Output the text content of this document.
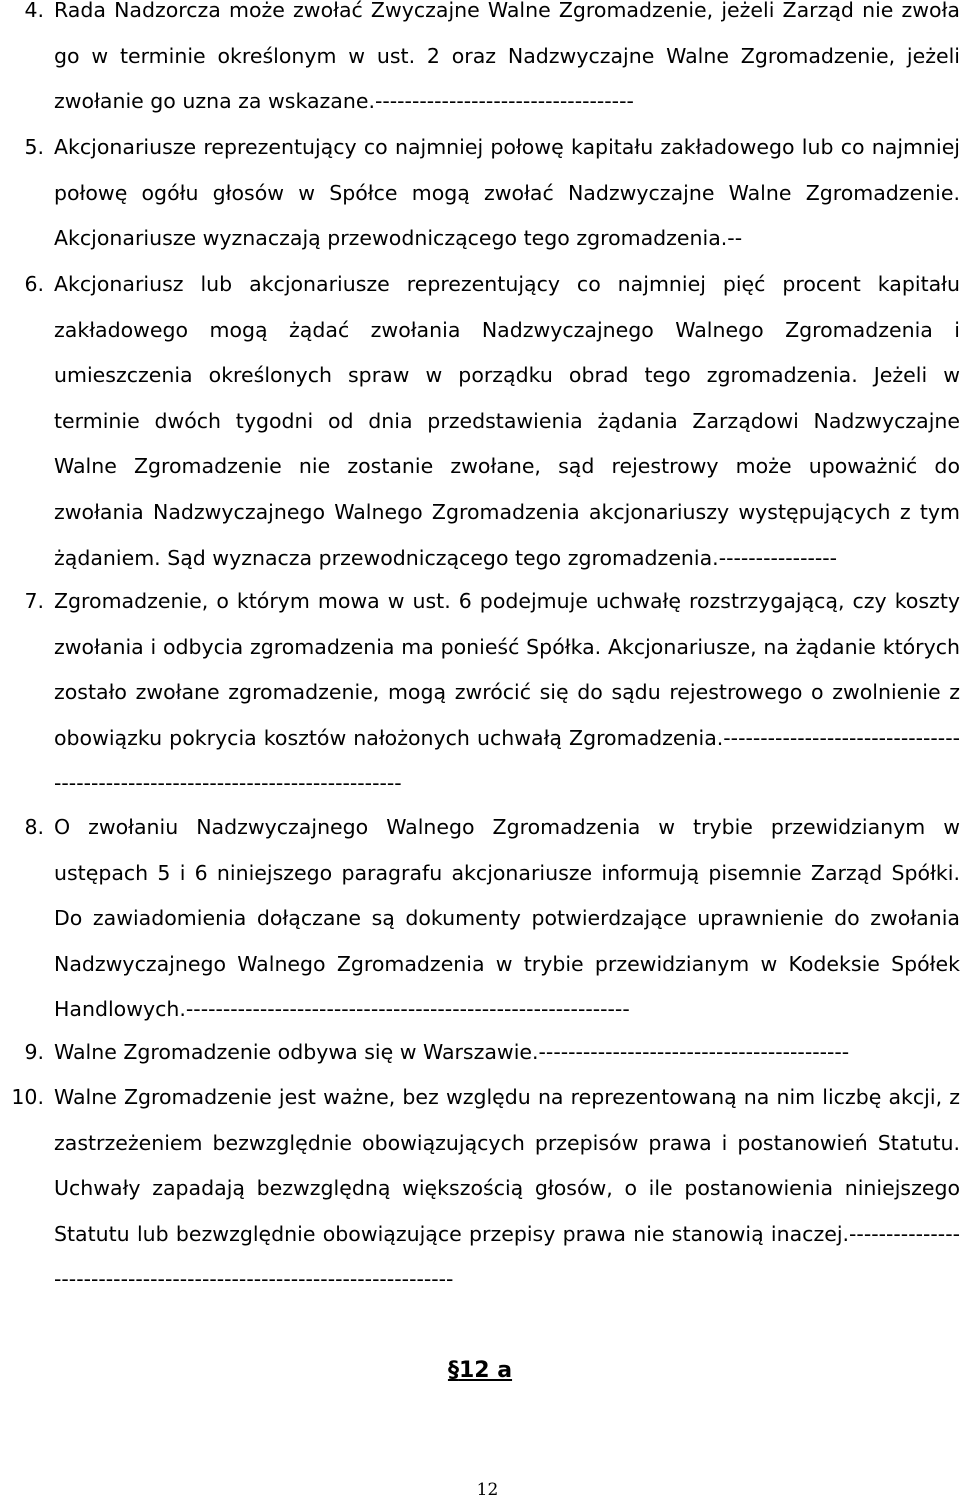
4. Rada Nadzorcza może zwołać Zwyczajne Walne Zgromadzenie, jeżeli Zarząd nie zwoła go w terminie określonym w ust. 2 oraz Nadzwyczajne Walne Zgromadzenie, jeżeli zwołanie go uzna za wskazane.-----------------------------------
5. Akcjonariusze reprezentujący co najmniej połowę kapitału zakładowego lub co najmniej połowę ogółu głosów w Spółce mogą zwołać Nadzwyczajne Walne Zgromadzenie. Akcjonariusze wyznaczają przewodniczącego tego zgromadzenia.--
6. Akcjonariusz lub akcjonariusze reprezentujący co najmniej pięć procent kapitału zakładowego mogą żądać zwołania Nadzwyczajnego Walnego Zgromadzenia i umieszczenia określonych spraw w porządku obrad tego zgromadzenia. Jeżeli w terminie dwóch tygodni od dnia przedstawienia żądania Zarządowi Nadzwyczajne Walne Zgromadzenie nie zostanie zwołane, sąd rejestrowy może upoważnić do zwołania Nadzwyczajnego Walnego Zgromadzenia akcjonariuszy występujących z tym żądaniem. Sąd wyznacza przewodniczącego tego zgromadzenia.----------------
7. Zgromadzenie, o którym mowa w ust. 6 podejmuje uchwałę rozstrzygającą, czy koszty zwołania i odbycia zgromadzenia ma ponieść Spółka. Akcjonariusze, na żądanie których zostało zwołane zgromadzenie, mogą zwrócić się do sądu rejestrowego o zwolnienie z obowiązku pokrycia kosztów nałożonych uchwałą Zgromadzenia.-------------------------------------------------------------------------------
8. O zwołaniu Nadzwyczajnego Walnego Zgromadzenia w trybie przewidzianym w ustępach 5 i 6 niniejszego paragrafu akcjonariusze informują pisemnie Zarząd Spółki. Do zawiadomienia dołączane są dokumenty potwierdzające uprawnienie do zwołania Nadzwyczajnego Walnego Zgromadzenia w trybie przewidzianym w Kodeksie Spółek Handlowych.------------------------------------------------------------
9. Walne Zgromadzenie odbywa się w Warszawie.------------------------------------------
10. Walne Zgromadzenie jest ważne, bez względu na reprezentowaną na nim liczbę akcji, z zastrzeżeniem bezwzględnie obowiązujących przepisów prawa i postanowień Statutu. Uchwały zapadają bezwzględną większością głosów, o ile postanowienia niniejszego Statutu lub bezwzględnie obowiązujące przepisy prawa nie stanowią inaczej.---------------------------------------------------------------------
§12 a
12
